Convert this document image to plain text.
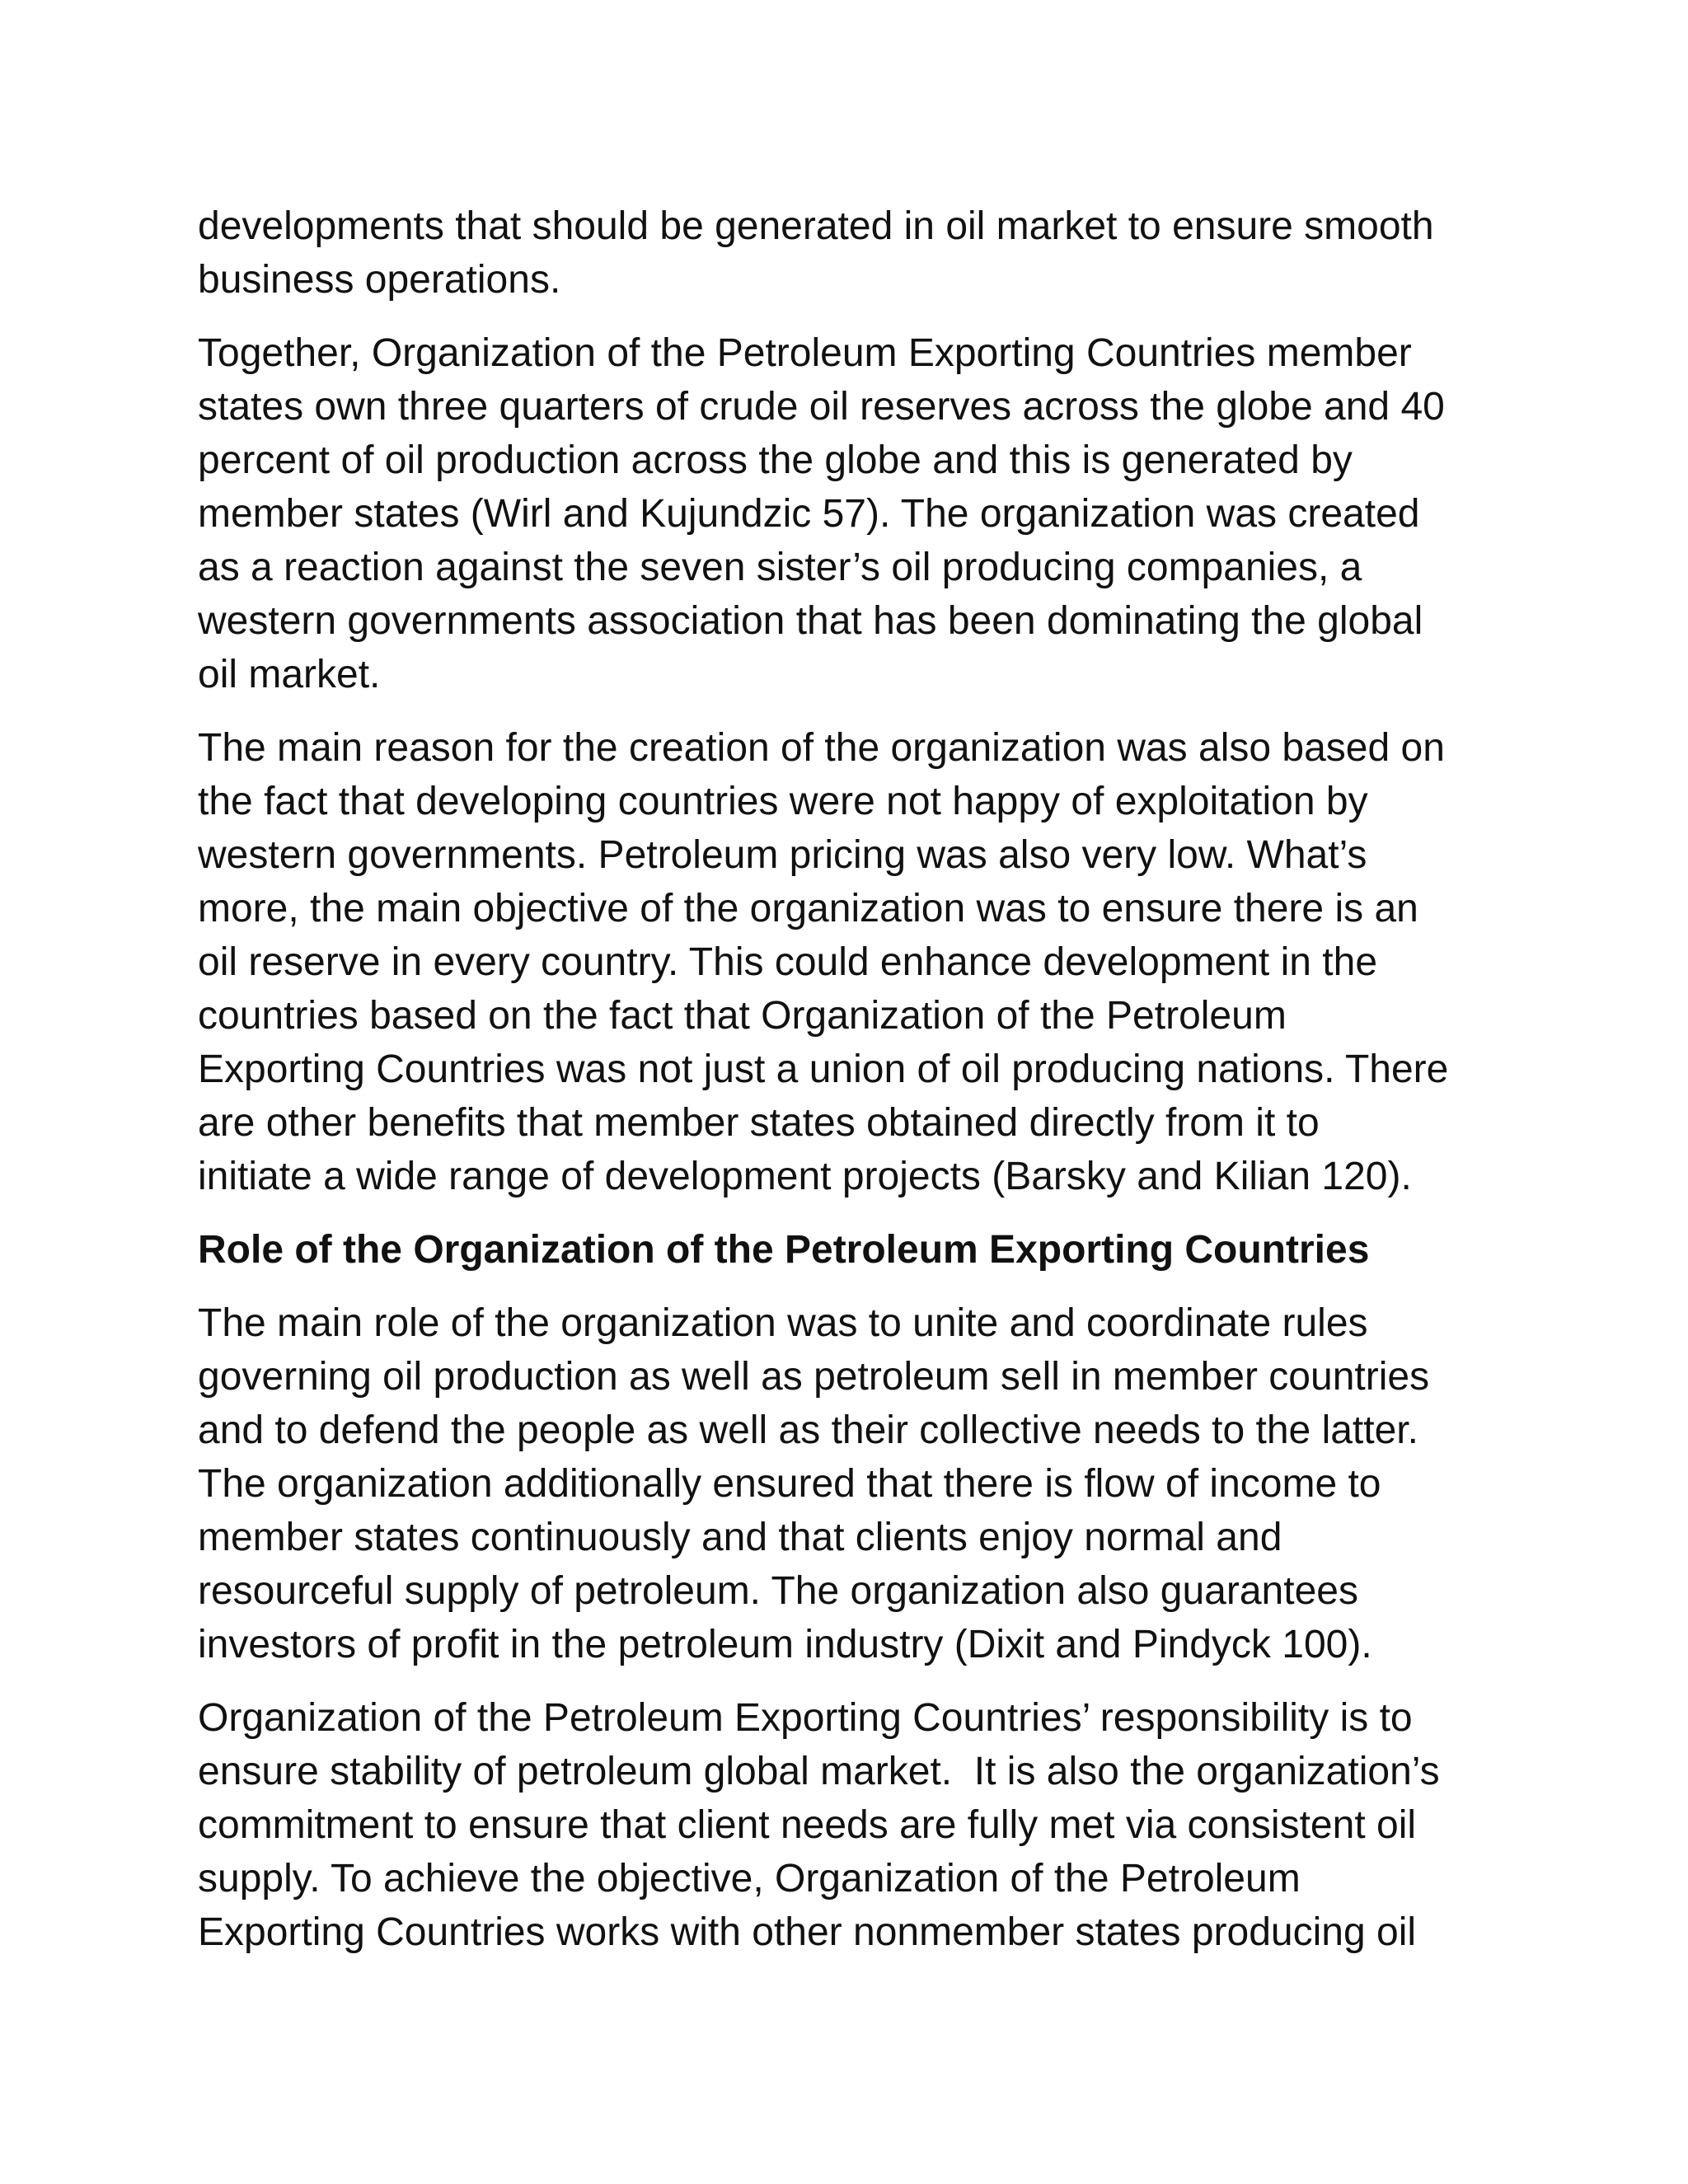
developments that should be generated in oil market to ensure smooth
business operations.
Together, Organization of the Petroleum Exporting Countries member
states own three quarters of crude oil reserves across the globe and 40
percent of oil production across the globe and this is generated by
member states (Wirl and Kujundzic 57). The organization was created
as a reaction against the seven sister’s oil producing companies, a
western governments association that has been dominating the global
oil market.
The main reason for the creation of the organization was also based on
the fact that developing countries were not happy of exploitation by
western governments. Petroleum pricing was also very low. What’s
more, the main objective of the organization was to ensure there is an
oil reserve in every country. This could enhance development in the
countries based on the fact that Organization of the Petroleum
Exporting Countries was not just a union of oil producing nations. There
are other benefits that member states obtained directly from it to
initiate a wide range of development projects (Barsky and Kilian 120).
Role of the Organization of the Petroleum Exporting Countries
The main role of the organization was to unite and coordinate rules
governing oil production as well as petroleum sell in member countries
and to defend the people as well as their collective needs to the latter.
The organization additionally ensured that there is flow of income to
member states continuously and that clients enjoy normal and
resourceful supply of petroleum. The organization also guarantees
investors of profit in the petroleum industry (Dixit and Pindyck 100).
Organization of the Petroleum Exporting Countries’ responsibility is to
ensure stability of petroleum global market.  It is also the organization’s
commitment to ensure that client needs are fully met via consistent oil
supply. To achieve the objective, Organization of the Petroleum
Exporting Countries works with other nonmember states producing oil
